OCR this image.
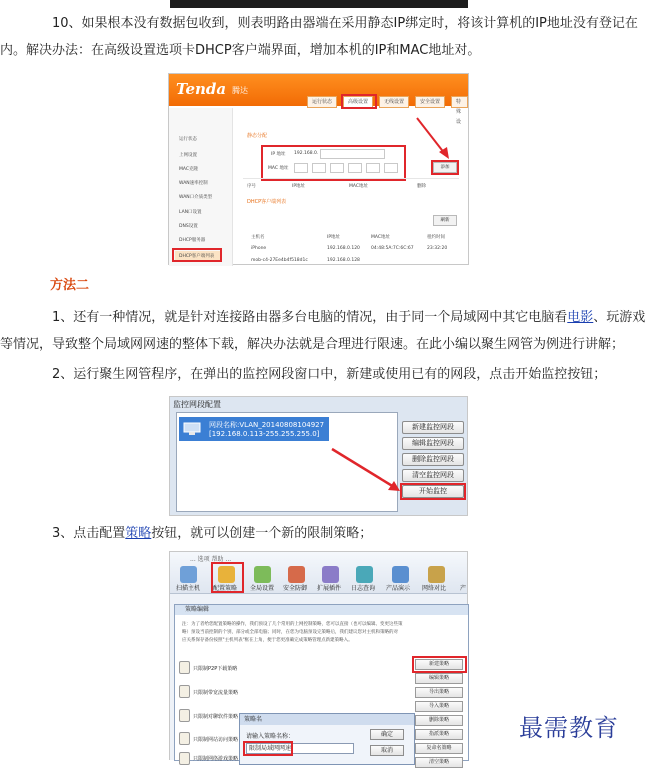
10、如果根本没有数据包收到，则表明路由器端在采用静态IP绑定时，将该计算机的IP地址没有登记在
内。解决办法：在高级设置选项卡DHCP客户端界面，增加本机的IP和MAC地址对。
Tenda 腾达
运行状态	高级设置	无线设置	安全设置	特殊设
运行状态
上网设置
MAC克隆
WAN速率控制
WAN口介质类型
LAN口设置
DNS设置
DHCP服务器
DHCP客户端列表
静态分配
IP 地址 192.168.0.
MAC 地址	添加
序号	IP地址	MAC地址	删除
DHCP客户端列表
刷新
主机名	IP地址	MAC地址	租约时间
iPhone	192.168.0.120 04:48:5A:7C:6C:67	23:32:20
mob-c4-27Ee4b4f518d1c	192.168.0.128
方法二
1、还有一种情况，就是针对连接路由器多台电脑的情况，由于同一个局域网中其它电脑看电影、玩游戏
等情况，导致整个局域网网速的整体下载，解决办法就是合理进行限速。在此小编以聚生网管为例进行讲解；
2、运行聚生网管程序，在弹出的监控网段窗口中，新建或使用已有的网段，点击开始监控按钮；
监控网段配置
网段名称:VLAN_20140808104927
[192.168.0.113-255.255.255.0]
新建监控网段
编辑监控网段
删除监控网段
清空监控网段
开始监控
3、点击配置策略按钮，就可以创建一个新的限制策略；
... 选项 帮助 ...
扫描主机 配置策略 全局设置 安全防御 扩展插件 日志查询 产品演示 网络对比 产
策略编辑
注：为了者给您配置策略的操作，我们预设了几个常用的上网控制策略，您可以直接（也可以编辑、变更这些策
略）预设当前控制的个别，部分或全部电脑；同时，在您为电脑预设完策略后，我们建议您对主机和策略的对
应关系保存备份按照"主机列表"框在上角，便于您更准确完成策略管理点新建策略入。
只限制P2P下载策略
只限制带宽流量策略
只限制对聊软件策略
只限制网站访问策略
只限制网络游戏策略
新建策略
编辑策略
导出策略
导入策略
删除策略
指派策略
复命名策略
清空策略
策略名
请输入策略名称：
限制局域网网速
确定
取消
最需教育
